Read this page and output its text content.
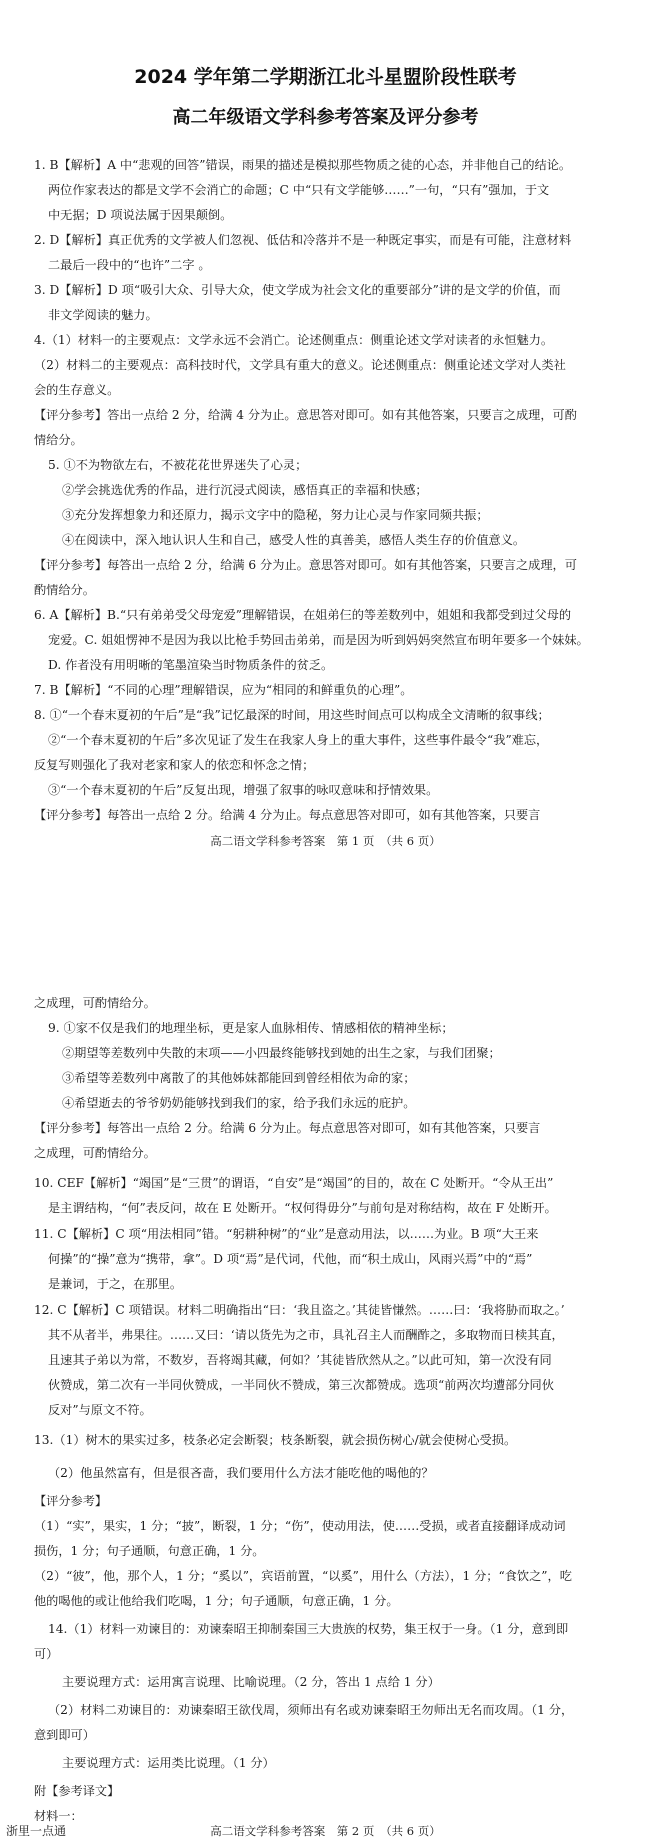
2024 学年第二学期浙江北斗星盟阶段性联考
高二年级语文学科参考答案及评分参考
1. B【解析】A 中“悲观的回答”错误，雨果的描述是模拟那些物质之徒的心态，并非他自己的结论。
两位作家表达的都是文学不会消亡的命题；C 中“只有文学能够……”一句，“只有”强加，于文
中无据；D 项说法属于因果颠倒。
2. D【解析】真正优秀的文学被人们忽视、低估和冷落并不是一种既定事实，而是有可能，注意材料
二最后一段中的“也许”二字 。
3. D【解析】D 项“吸引大众、引导大众，使文学成为社会文化的重要部分”讲的是文学的价值，而
非文学阅读的魅力。
4.（1）材料一的主要观点：文学永远不会消亡。论述侧重点：侧重论述文学对读者的永恒魅力。
（2）材料二的主要观点：高科技时代，文学具有重大的意义。论述侧重点：侧重论述文学对人类社
会的生存意义。
【评分参考】答出一点给 2 分，给满 4 分为止。意思答对即可。如有其他答案，只要言之成理，可酌
情给分。
5. ①不为物欲左右，不被花花世界迷失了心灵；
②学会挑选优秀的作品，进行沉浸式阅读，感悟真正的幸福和快感；
③充分发挥想象力和还原力，揭示文字中的隐秘，努力让心灵与作家同频共振；
④在阅读中，深入地认识人生和自己，感受人性的真善美，感悟人类生存的价值意义。
【评分参考】每答出一点给 2 分，给满 6 分为止。意思答对即可。如有其他答案，只要言之成理，可
酌情给分。
6. A【解析】B.“只有弟弟受父母宠爱”理解错误，在姐弟仨的等差数列中，姐姐和我都受到过父母的
宠爱。C. 姐姐愣神不是因为我以比枪手势回击弟弟，而是因为听到妈妈突然宣布明年要多一个妹妹。
D. 作者没有用明晰的笔墨渲染当时物质条件的贫乏。
7. B【解析】“不同的心理”理解错误，应为“相同的和鲜重负的心理”。
8. ①“一个春末夏初的午后”是“我”记忆最深的时间，用这些时间点可以构成全文清晰的叙事线；
②“一个春末夏初的午后”多次见证了发生在我家人身上的重大事件，这些事件最令“我”难忘，
反复写则强化了我对老家和家人的依恋和怀念之情；
③“一个春末夏初的午后”反复出现，增强了叙事的咏叹意味和抒情效果。
【评分参考】每答出一点给 2 分。给满 4 分为止。每点意思答对即可，如有其他答案，只要言
高二语文学科参考答案　第 1 页　（共 6 页）
之成理，可酌情给分。
9. ①家不仅是我们的地理坐标，更是家人血脉相传、情感相依的精神坐标；
②期望等差数列中失散的末项——小四最终能够找到她的出生之家，与我们团聚；
③希望等差数列中离散了的其他姊妹都能回到曾经相依为命的家；
④希望逝去的爷爷奶奶能够找到我们的家，给予我们永远的庇护。
【评分参考】每答出一点给 2 分。给满 6 分为止。每点意思答对即可，如有其他答案，只要言
之成理，可酌情给分。
10. CEF【解析】“竭国”是“三贯”的谓语，“自安”是“竭国”的目的，故在 C 处断开。“令从王出”
是主谓结构，“何”表反问，故在 E 处断开。“权何得毋分”与前句是对称结构，故在 F 处断开。
11. C【解析】C 项“用法相同”错。“躬耕种树”的“业”是意动用法，以……为业。B 项“大王来
何操”的“操”意为“携带，拿”。D 项“焉”是代词，代他，而“积土成山，风雨兴焉”中的“焉”
是兼词，于之，在那里。
12. C【解析】C 项错误。材料二明确指出“曰：‘我且盗之。’其徒皆慊然。……曰：‘我将胁而取之。’
其不从者半，弗果往。……又曰：‘请以货先为之市，具礼召主人而酬酢之，多取物而日椟其直，
且速其子弟以为常，不数岁，吾将竭其藏，何如？’其徒皆欣然从之。”以此可知，第一次没有同
伙赞成，第二次有一半同伙赞成，一半同伙不赞成，第三次都赞成。选项“前两次均遭部分同伙
反对”与原文不符。
13.（1）树木的果实过多，枝条必定会断裂；枝条断裂，就会损伤树心/就会使树心受损。
（2）他虽然富有，但是很吝啬，我们要用什么方法才能吃他的喝他的？
【评分参考】
（1）“实”，果实，1 分；“披”，断裂，1 分；“伤”，使动用法，使……受损，或者直接翻译成动词
损伤，1 分；句子通顺，句意正确，1 分。
（2）“彼”，他，那个人，1 分；“奚以”，宾语前置，“以奚”，用什么（方法），1 分；“食饮之”，吃
他的喝他的或让他给我们吃喝，1 分；句子通顺，句意正确，1 分。
14.（1）材料一劝谏目的：劝谏秦昭王抑制秦国三大贵族的权势，集王权于一身。（1 分，意到即
可）
主要说理方式：运用寓言说理、比喻说理。（2 分，答出 1 点给 1 分）
（2）材料二劝谏目的：劝谏秦昭王欲伐周，须师出有名或劝谏秦昭王勿师出无名而攻周。（1 分，
意到即可）
主要说理方式：运用类比说理。（1 分）
附【参考译文】
材料一：
高二语文学科参考答案　第 2 页　（共 6 页）
浙里一点通
